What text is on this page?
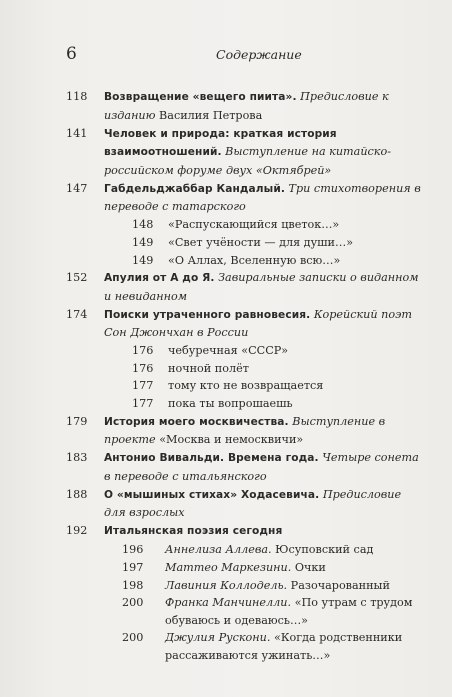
6	Содержание
118	Возвращение «вещего пиита». Предисловие к изданию Василия Петрова
141	Человек и природа: краткая история взаимоотношений. Выступление на китайско-российском форуме двух «Октябрей»
147	Габдельджаббар Кандалый. Три стихотворения в переводе с татарского
148	«Распускающийся цветок…»
149	«Свет учёности — для души…»
149	«О Аллах, Вселенную всю…»
152	Апулия от А до Я. Завиральные записки о виданном и невиданном
174	Поиски утраченного равновесия. Корейский поэт Сон Джончхан в России
176	чебуречная «СССР»
176	ночной полёт
177	тому кто не возвращается
177	пока ты вопрошаешь
179	История моего москвичества. Выступление в проекте «Москва и немосквичи»
183	Антонио Вивальди. Времена года. Четыре сонета в переводе с итальянского
188	О «мышиных стихах» Ходасевича. Предисловие для взрослых
192	Итальянская поэзия сегодня
196	Аннелиза Аллева. Юсуповский сад
197	Маттео Маркезини. Очки
198	Лавиния Коллодель. Разочарованный
200	Франка Манчинелли. «По утрам с трудом обуваюсь и одеваюсь…»
200	Джулия Рускони. «Когда родственники рассаживаются ужинать…»
